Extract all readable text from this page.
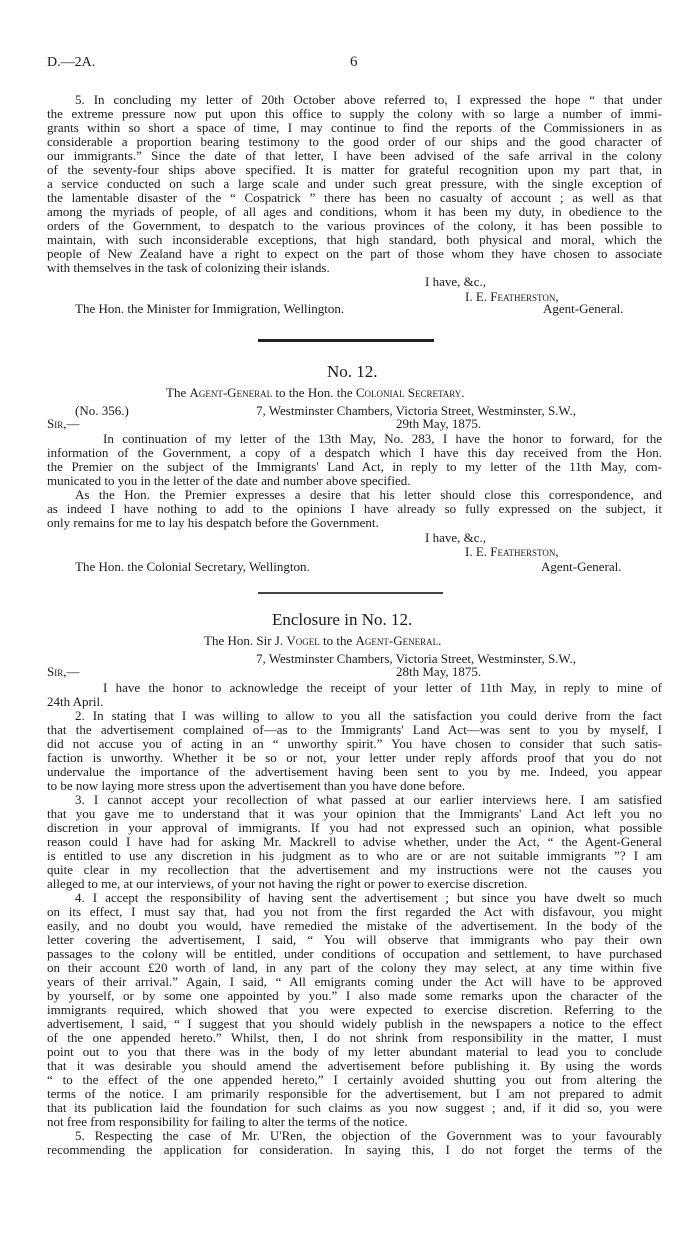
D.—2A.	6
5. In concluding my letter of 20th October above referred to, I expressed the hope “ that under
the extreme pressure now put upon this office to supply the colony with so large a number of immi-
grants within so short a space of time, I may continue to find the reports of the Commissioners in as
considerable a proportion bearing testimony to the good order of our ships and the good character of
our immigrants.” Since the date of that letter, I have been advised of the safe arrival in the colony
of the seventy-four ships above specified. It is matter for grateful recognition upon my part that, in
a service conducted on such a large scale and under such great pressure, with the single exception of
the lamentable disaster of the “ Cospatrick ” there has been no casualty of account ; as well as that
among the myriads of people, of all ages and conditions, whom it has been my duty, in obedience to the
orders of the Government, to despatch to the various provinces of the colony, it has been possible to
maintain, with such inconsiderable exceptions, that high standard, both physical and moral, which the
people of New Zealand have a right to expect on the part of those whom they have chosen to associate
with themselves in the task of colonizing their islands.
I have, &c.,
I. E. Featherston,
The Hon. the Minister for Immigration, Wellington.	Agent-General.
No. 12.
The Agent-General to the Hon. the Colonial Secretary.
(No. 356.)	7, Westminster Chambers, Victoria Street, Westminster, S.W.,
Sir,—	29th May, 1875.
In continuation of my letter of the 13th May, No. 283, I have the honor to forward, for the
information of the Government, a copy of a despatch which I have this day received from the Hon.
the Premier on the subject of the Immigrants' Land Act, in reply to my letter of the 11th May, com-
municated to you in the letter of the date and number above specified.
As the Hon. the Premier expresses a desire that his letter should close this correspondence, and
as indeed I have nothing to add to the opinions I have already so fully expressed on the subject, it
only remains for me to lay his despatch before the Government.
I have, &c.,
I. E. Featherston,
The Hon. the Colonial Secretary, Wellington.	Agent-General.
Enclosure in No. 12.
The Hon. Sir J. Vogel to the Agent-General.
7, Westminster Chambers, Victoria Street, Westminster, S.W.,
Sir,—	28th May, 1875.
I have the honor to acknowledge the receipt of your letter of 11th May, in reply to mine of
24th April.
2. In stating that I was willing to allow to you all the satisfaction you could derive from the fact
that the advertisement complained of—as to the Immigrants' Land Act—was sent to you by myself, I
did not accuse you of acting in an “ unworthy spirit.” You have chosen to consider that such satis-
faction is unworthy. Whether it be so or not, your letter under reply affords proof that you do not
undervalue the importance of the advertisement having been sent to you by me. Indeed, you appear
to be now laying more stress upon the advertisement than you have done before.
3. I cannot accept your recollection of what passed at our earlier interviews here. I am satisfied
that you gave me to understand that it was your opinion that the Immigrants' Land Act left you no
discretion in your approval of immigrants. If you had not expressed such an opinion, what possible
reason could I have had for asking Mr. Mackrell to advise whether, under the Act, “ the Agent-General
is entitled to use any discretion in his judgment as to who are or are not suitable immigrants ”? I am
quite clear in my recollection that the advertisement and my instructions were not the causes you
alleged to me, at our interviews, of your not having the right or power to exercise discretion.
4. I accept the responsibility of having sent the advertisement ; but since you have dwelt so much
on its effect, I must say that, had you not from the first regarded the Act with disfavour, you might
easily, and no doubt you would, have remedied the mistake of the advertisement. In the body of the
letter covering the advertisement, I said, “ You will observe that immigrants who pay their own
passages to the colony will be entitled, under conditions of occupation and settlement, to have purchased
on their account £20 worth of land, in any part of the colony they may select, at any time within five
years of their arrival.” Again, I said, “ All emigrants coming under the Act will have to be approved
by yourself, or by some one appointed by you.” I also made some remarks upon the character of the
immigrants required, which showed that you were expected to exercise discretion. Referring to the
advertisement, I said, “ I suggest that you should widely publish in the newspapers a notice to the effect
of the one appended hereto.” Whilst, then, I do not shrink from responsibility in the matter, I must
point out to you that there was in the body of my letter abundant material to lead you to conclude
that it was desirable you should amend the advertisement before publishing it. By using the words
“ to the effect of the one appended hereto,” I certainly avoided shutting you out from altering the
terms of the notice. I am primarily responsible for the advertisement, but I am not prepared to admit
that its publication laid the foundation for such claims as you now suggest ; and, if it did so, you were
not free from responsibility for failing to alter the terms of the notice.
5. Respecting the case of Mr. U'Ren, the objection of the Government was to your favourably
recommending the application for consideration. In saying this, I do not forget the terms of the
